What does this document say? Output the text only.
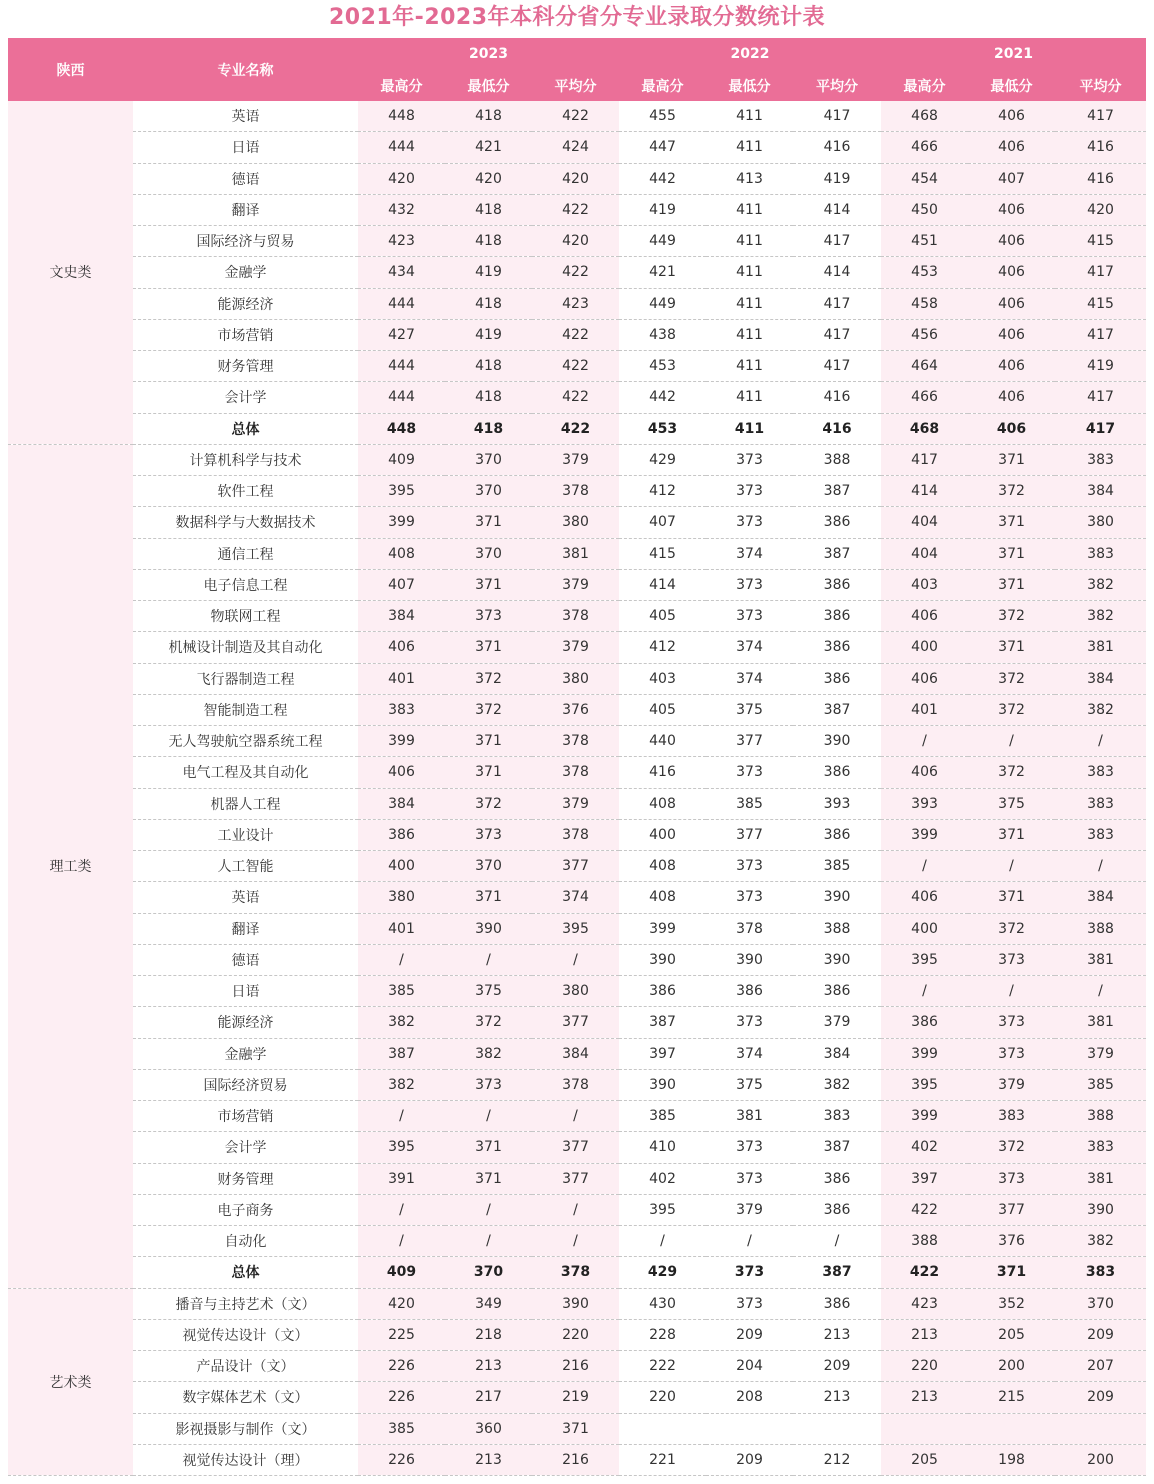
2021年-2023年本科分省分专业录取分数统计表
陕西	专业名称	2023			2022			2021		
		最高分	最低分	平均分	最高分	最低分	平均分	最高分	最低分	平均分
文史类	英语	448	418	422	455	411	417	468	406	417
	日语	444	421	424	447	411	416	466	406	416
	德语	420	420	420	442	413	419	454	407	416
	翻译	432	418	422	419	411	414	450	406	420
	国际经济与贸易	423	418	420	449	411	417	451	406	415
	金融学	434	419	422	421	411	414	453	406	417
	能源经济	444	418	423	449	411	417	458	406	415
	市场营销	427	419	422	438	411	417	456	406	417
	财务管理	444	418	422	453	411	417	464	406	419
	会计学	444	418	422	442	411	416	466	406	417
	总体	448	418	422	453	411	416	468	406	417
理工类	计算机科学与技术	409	370	379	429	373	388	417	371	383
	软件工程	395	370	378	412	373	387	414	372	384
	数据科学与大数据技术	399	371	380	407	373	386	404	371	380
	通信工程	408	370	381	415	374	387	404	371	383
	电子信息工程	407	371	379	414	373	386	403	371	382
	物联网工程	384	373	378	405	373	386	406	372	382
	机械设计制造及其自动化	406	371	379	412	374	386	400	371	381
	飞行器制造工程	401	372	380	403	374	386	406	372	384
	智能制造工程	383	372	376	405	375	387	401	372	382
	无人驾驶航空器系统工程	399	371	378	440	377	390	/	/	/
	电气工程及其自动化	406	371	378	416	373	386	406	372	383
	机器人工程	384	372	379	408	385	393	393	375	383
	工业设计	386	373	378	400	377	386	399	371	383
	人工智能	400	370	377	408	373	385	/	/	/
	英语	380	371	374	408	373	390	406	371	384
	翻译	401	390	395	399	378	388	400	372	388
	德语	/	/	/	390	390	390	395	373	381
	日语	385	375	380	386	386	386	/	/	/
	能源经济	382	372	377	387	373	379	386	373	381
	金融学	387	382	384	397	374	384	399	373	379
	国际经济贸易	382	373	378	390	375	382	395	379	385
	市场营销	/	/	/	385	381	383	399	383	388
	会计学	395	371	377	410	373	387	402	372	383
	财务管理	391	371	377	402	373	386	397	373	381
	电子商务	/	/	/	395	379	386	422	377	390
	自动化	/	/	/	/	/	/	388	376	382
	总体	409	370	378	429	373	387	422	371	383
艺术类	播音与主持艺术（文）	420	349	390	430	373	386	423	352	370
	视觉传达设计（文）	225	218	220	228	209	213	213	205	209
	产品设计（文）	226	213	216	222	204	209	220	200	207
	数字媒体艺术（文）	226	217	219	220	208	213	213	215	209
	影视摄影与制作（文）	385	360	371						
	视觉传达设计（理）	226	213	216	221	209	212	205	198	200
